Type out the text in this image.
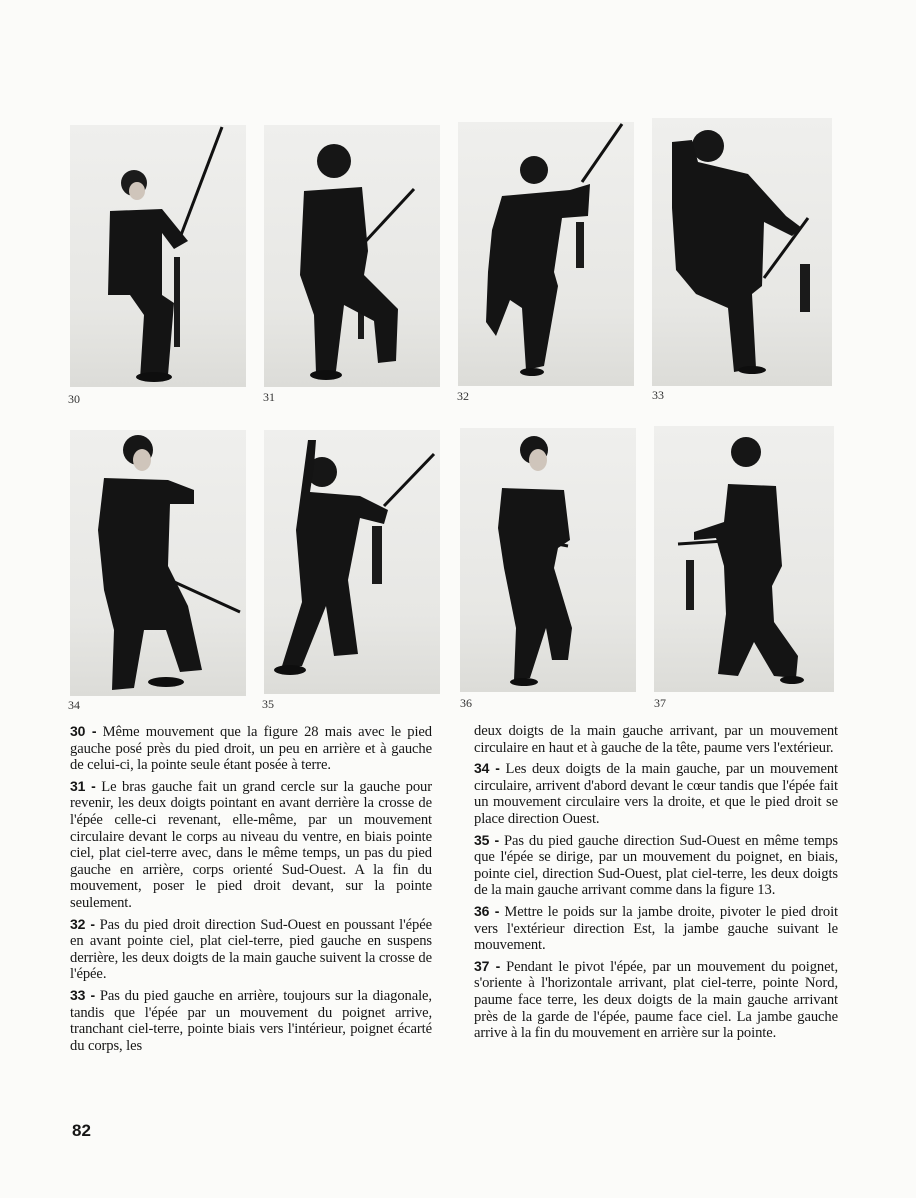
30	31	32	33
34	35	36	37

30 - Même mouvement que la figure 28 mais avec le pied gauche posé près du pied droit, un peu en arrière et à gauche de celui-ci, la pointe seule étant posée à terre.

31 - Le bras gauche fait un grand cercle sur la gauche pour revenir, les deux doigts pointant en avant derrière la crosse de l'épée celle-ci revenant, elle-même, par un mouvement circulaire devant le corps au niveau du ventre, en biais pointe ciel, plat ciel-terre avec, dans le même temps, un pas du pied gauche en arrière, corps orienté Sud-Ouest. A la fin du mouvement, poser le pied droit devant, sur la pointe seulement.

32 - Pas du pied droit direction Sud-Ouest en poussant l'épée en avant pointe ciel, plat ciel-terre, pied gauche en suspens derrière, les deux doigts de la main gauche suivent la crosse de l'épée.

33 - Pas du pied gauche en arrière, toujours sur la diagonale, tandis que l'épée par un mouvement du poignet arrive, tranchant ciel-terre, pointe biais vers l'intérieur, poignet écarté du corps, les

deux doigts de la main gauche arrivant, par un mouvement circulaire en haut et à gauche de la tête, paume vers l'extérieur.

34 - Les deux doigts de la main gauche, par un mouvement circulaire, arrivent d'abord devant le cœur tandis que l'épée fait un mouvement circulaire vers la droite, et que le pied droit se place direction Ouest.

35 - Pas du pied gauche direction Sud-Ouest en même temps que l'épée se dirige, par un mouvement du poignet, en biais, pointe ciel, direction Sud-Ouest, plat ciel-terre, les deux doigts de la main gauche arrivant comme dans la figure 13.

36 - Mettre le poids sur la jambe droite, pivoter le pied droit vers l'extérieur direction Est, la jambe gauche suivant le mouvement.

37 - Pendant le pivot l'épée, par un mouvement du poignet, s'oriente à l'horizontale arrivant, plat ciel-terre, pointe Nord, paume face terre, les deux doigts de la main gauche arrivant près de la garde de l'épée, paume face ciel. La jambe gauche arrive à la fin du mouvement en arrière sur la pointe.

82
